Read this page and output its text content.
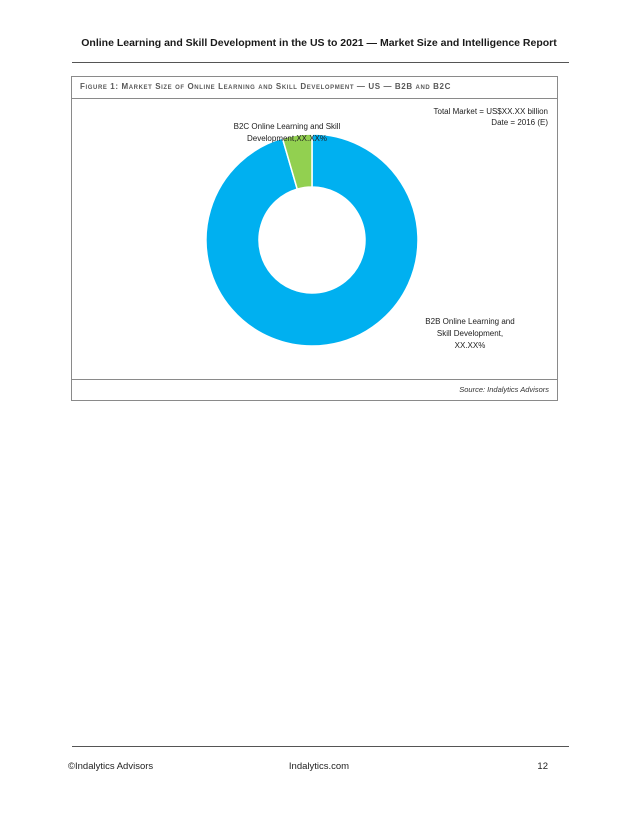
Online Learning and Skill Development in the US to 2021 — Market Size and Intelligence Report
Figure 1: Market Size of Online Learning and Skill Development — US — B2B and B2C
Total Market = US$XX.XX billion
Date = 2016 (E)
B2C Online Learning and Skill
Development,XX.XX%
B2B Online Learning and
Skill Development,
XX.XX%
Source: Indalytics Advisors
©Indalytics Advisors	Indalytics.com	12
